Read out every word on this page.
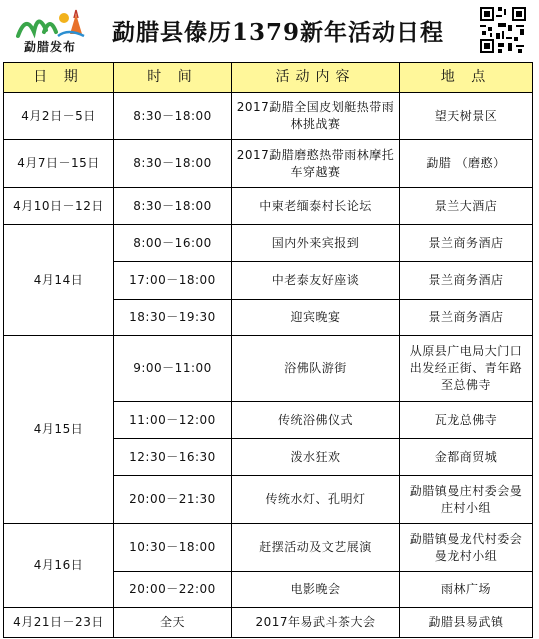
勐腊发布
勐腊县傣历1379新年活动日程
日 期	时 间	活动内容	地 点
4月2日－5日	8:30－18:00	2017勐腊全国皮划艇热带雨林挑战赛	望天树景区
4月7日－15日	8:30－18:00	2017勐腊磨憨热带雨林摩托车穿越赛	勐腊 （磨憨）
4月10日－12日	8:30－18:00	中柬老缅泰村长论坛	景兰大酒店
4月14日	8:00－16:00	国内外来宾报到	景兰商务酒店
	17:00－18:00	中老泰友好座谈	景兰商务酒店
	18:30－19:30	迎宾晚宴	景兰商务酒店
4月15日	9:00－11:00	浴佛队游街	从原县广电局大门口出发经正街、青年路至总佛寺
	11:00－12:00	传统浴佛仪式	瓦龙总佛寺
	12:30－16:30	泼水狂欢	金都商贸城
	20:00－21:30	传统水灯、孔明灯	勐腊镇曼庄村委会曼庄村小组
4月16日	10:30－18:00	赶摆活动及文艺展演	勐腊镇曼龙代村委会曼龙村小组
	20:00－22:00	电影晚会	雨林广场
4月21日－23日	全天	2017年易武斗茶大会	勐腊县易武镇
